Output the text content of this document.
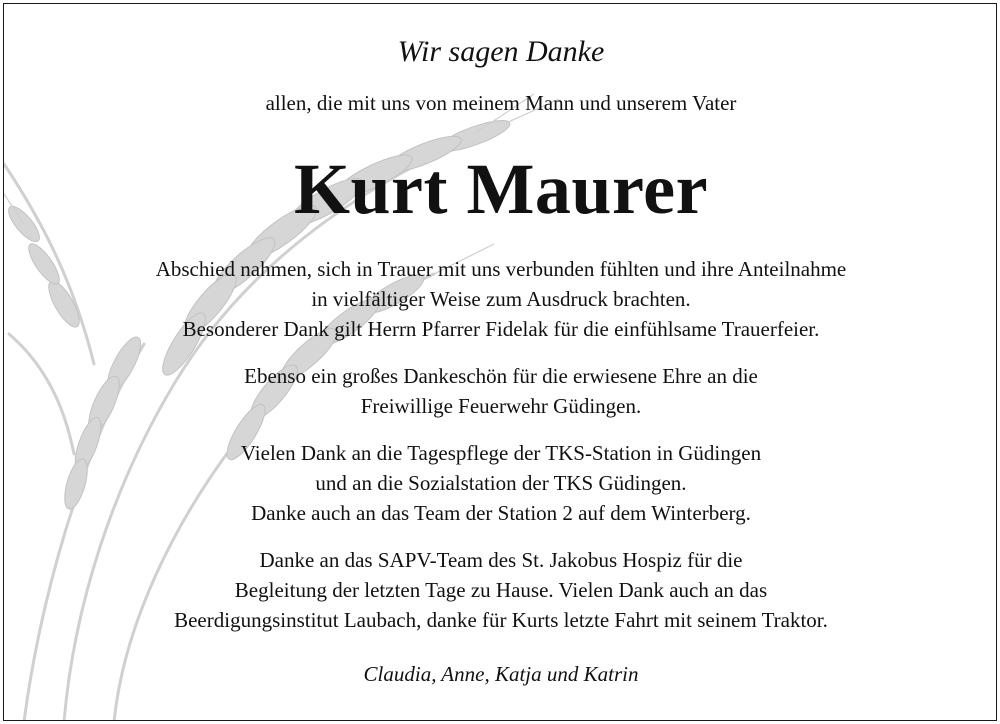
Wir sagen Danke
allen, die mit uns von meinem Mann und unserem Vater
Kurt Maurer
Abschied nahmen, sich in Trauer mit uns verbunden fühlten und ihre Anteilnahme
in vielfältiger Weise zum Ausdruck brachten.
Besonderer Dank gilt Herrn Pfarrer Fidelak für die einfühlsame Trauerfeier.
Ebenso ein großes Dankeschön für die erwiesene Ehre an die
Freiwillige Feuerwehr Güdingen.
Vielen Dank an die Tagespflege der TKS-Station in Güdingen
und an die Sozialstation der TKS Güdingen.
Danke auch an das Team der Station 2 auf dem Winterberg.
Danke an das SAPV-Team des St. Jakobus Hospiz für die
Begleitung der letzten Tage zu Hause. Vielen Dank auch an das
Beerdigungsinstitut Laubach, danke für Kurts letzte Fahrt mit seinem Traktor.
Claudia, Anne, Katja und Katrin
